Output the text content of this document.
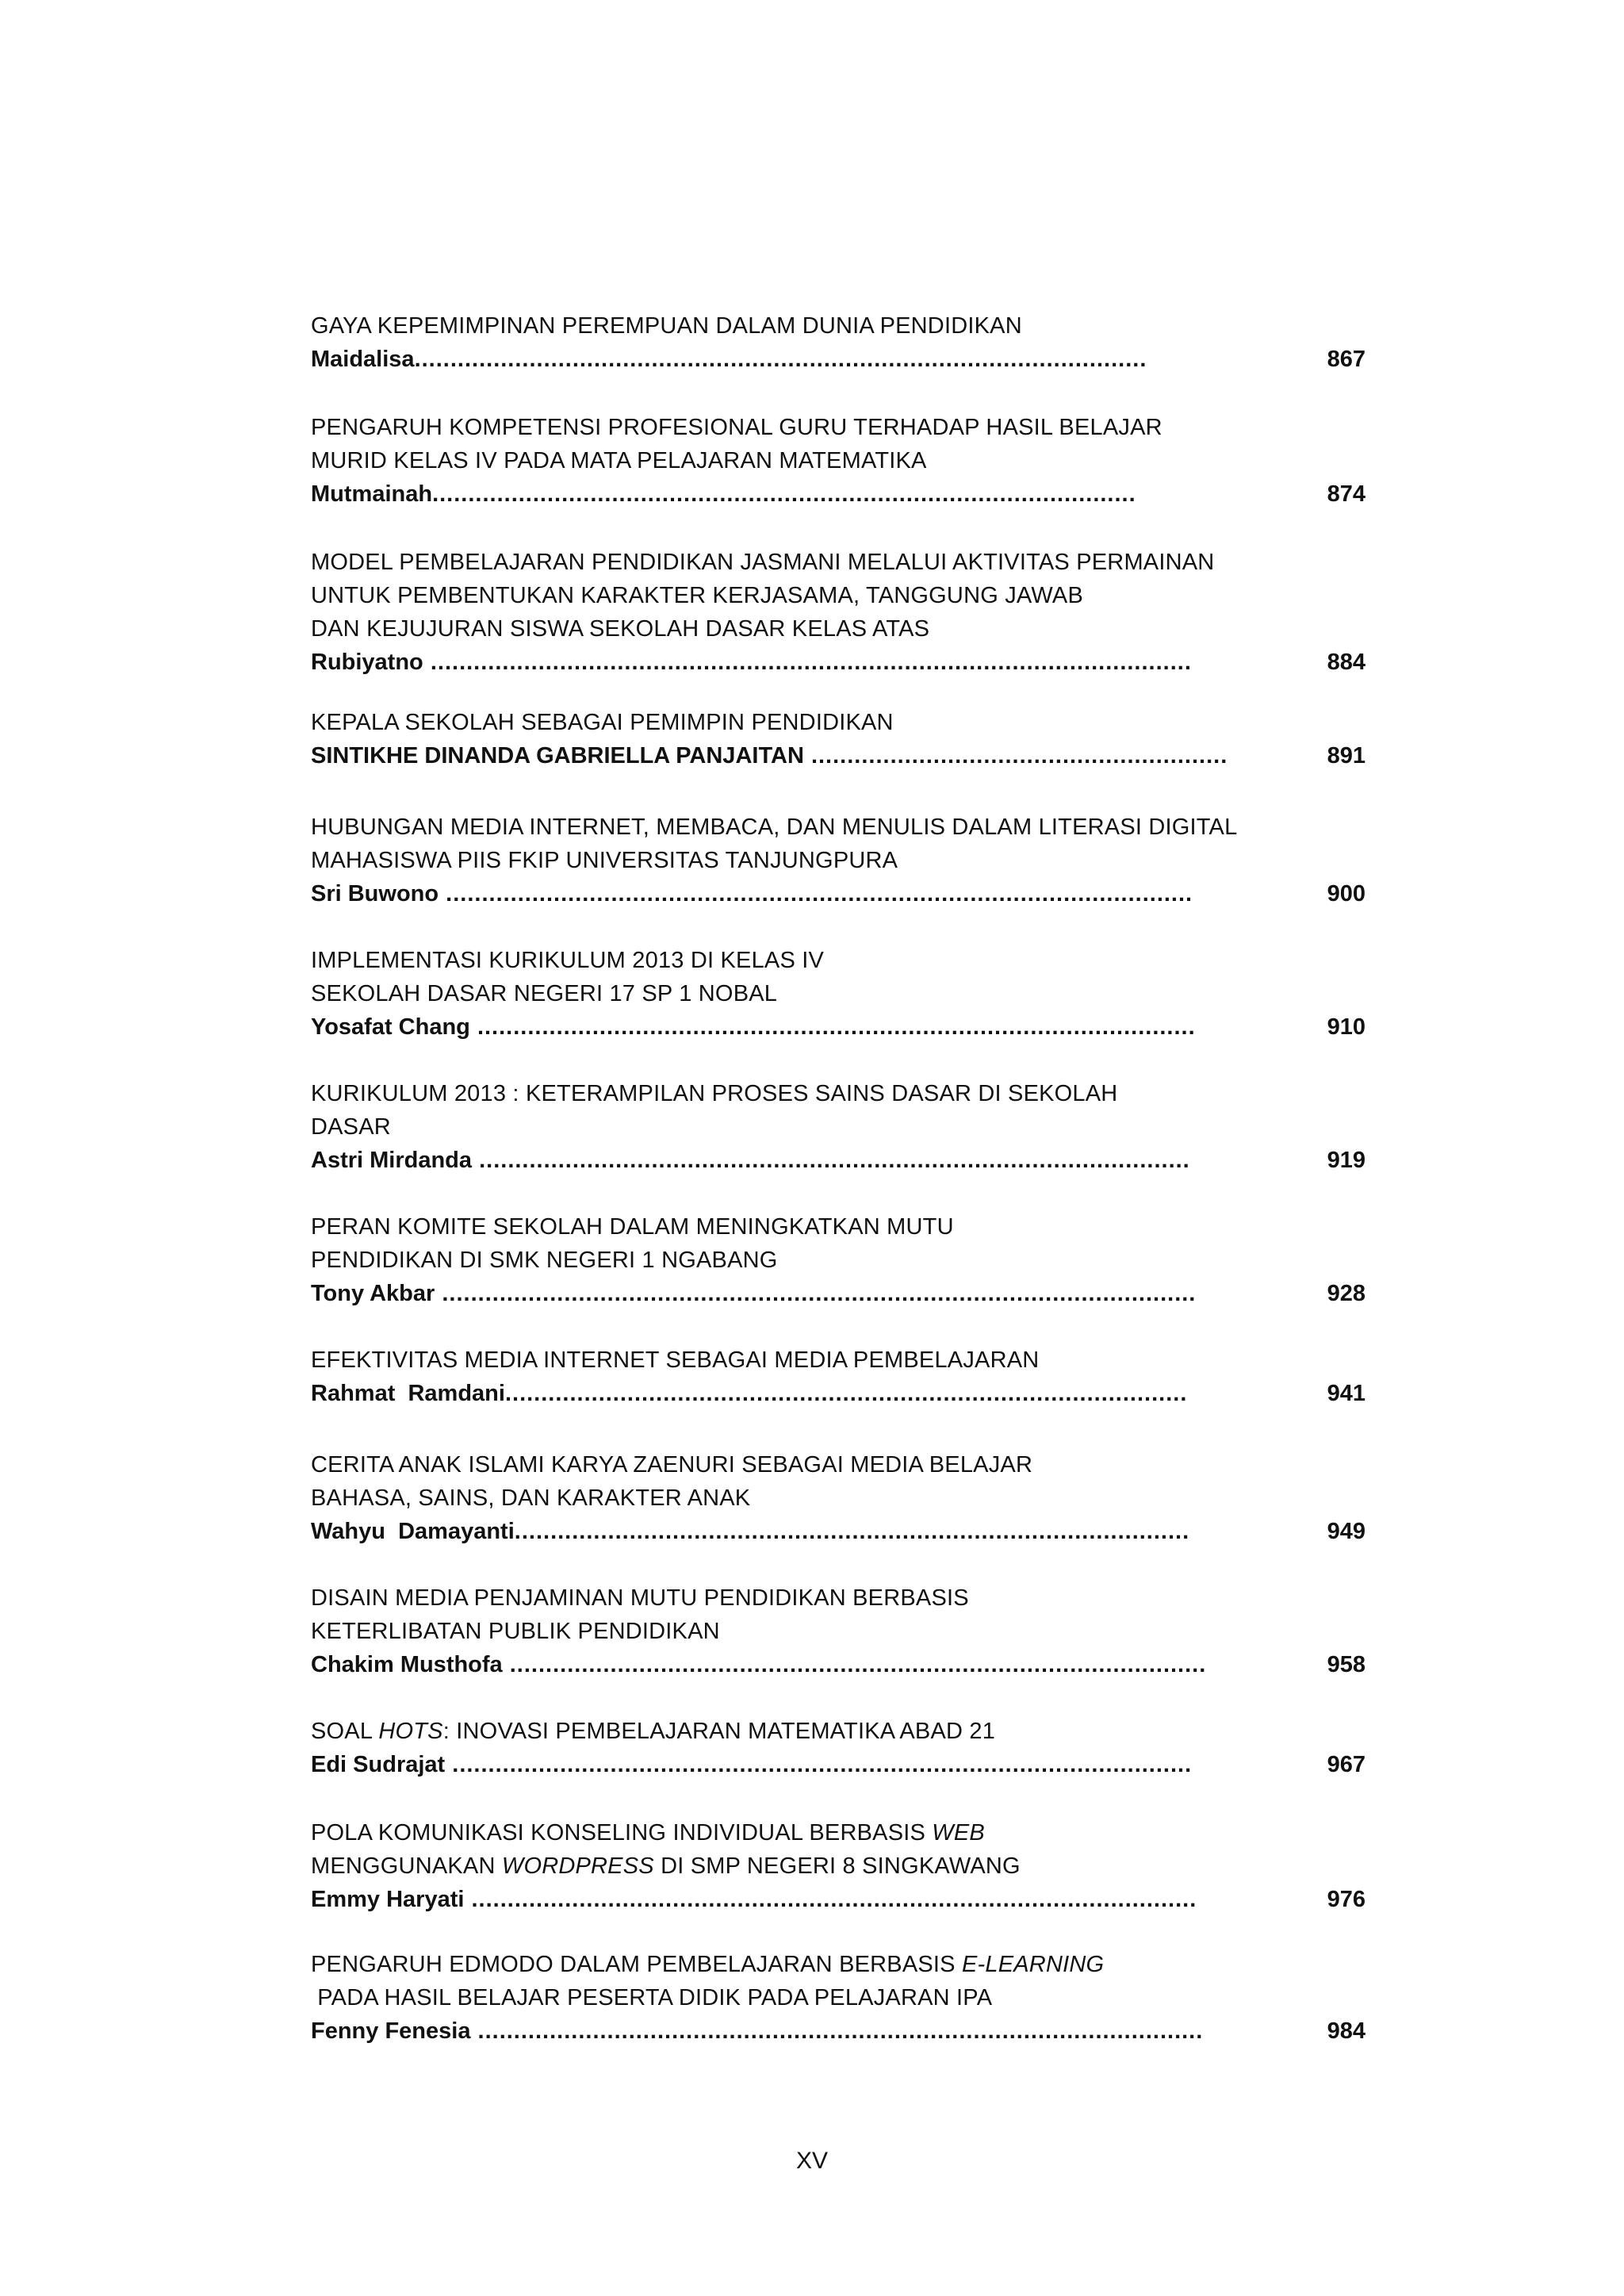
GAYA KEPEMIMPINAN PEREMPUAN DALAM DUNIA PENDIDIKAN
Maidalisa......................................................................................................	867
PENGARUH KOMPETENSI PROFESIONAL GURU TERHADAP HASIL BELAJAR
MURID KELAS IV PADA MATA PELAJARAN MATEMATIKA
Mutmainah..................................................................................................	874
MODEL PEMBELAJARAN PENDIDIKAN JASMANI MELALUI AKTIVITAS PERMAINAN
UNTUK PEMBENTUKAN KARAKTER KERJASAMA, TANGGUNG JAWAB
DAN KEJUJURAN SISWA SEKOLAH DASAR KELAS ATAS
Rubiyatno ..........................................................................................................	884
KEPALA SEKOLAH SEBAGAI PEMIMPIN PENDIDIKAN
SINTIKHE DINANDA GABRIELLA PANJAITAN ..........................................................	891
HUBUNGAN MEDIA INTERNET, MEMBACA, DAN MENULIS DALAM LITERASI DIGITAL
MAHASISWA PIIS FKIP UNIVERSITAS TANJUNGPURA
Sri Buwono ........................................................................................................	900
IMPLEMENTASI KURIKULUM 2013 DI KELAS IV
SEKOLAH DASAR NEGERI 17 SP 1 NOBAL
Yosafat Chang ....................................................................................................	910
KURIKULUM 2013 : KETERAMPILAN PROSES SAINS DASAR DI SEKOLAH
DASAR
Astri Mirdanda ...................................................................................................	919
PERAN KOMITE SEKOLAH DALAM MENINGKATKAN MUTU
PENDIDIKAN DI SMK NEGERI 1 NGABANG
Tony Akbar .........................................................................................................	928
EFEKTIVITAS MEDIA INTERNET SEBAGAI MEDIA PEMBELAJARAN
Rahmat  Ramdani...............................................................................................	941
CERITA ANAK ISLAMI KARYA ZAENURI SEBAGAI MEDIA BELAJAR
BAHASA, SAINS, DAN KARAKTER ANAK
Wahyu  Damayanti..............................................................................................	949
DISAIN MEDIA PENJAMINAN MUTU PENDIDIKAN BERBASIS
KETERLIBATAN PUBLIK PENDIDIKAN
Chakim Musthofa .................................................................................................	958
SOAL HOTS: INOVASI PEMBELAJARAN MATEMATIKA ABAD 21
Edi Sudrajat .......................................................................................................	967
POLA KOMUNIKASI KONSELING INDIVIDUAL BERBASIS WEB
MENGGUNAKAN WORDPRESS DI SMP NEGERI 8 SINGKAWANG
Emmy Haryati .....................................................................................................	976
PENGARUH EDMODO DALAM PEMBELAJARAN BERBASIS E-LEARNING
PADA HASIL BELAJAR PESERTA DIDIK PADA PELAJARAN IPA
Fenny Fenesia .....................................................................................................	984
XV
